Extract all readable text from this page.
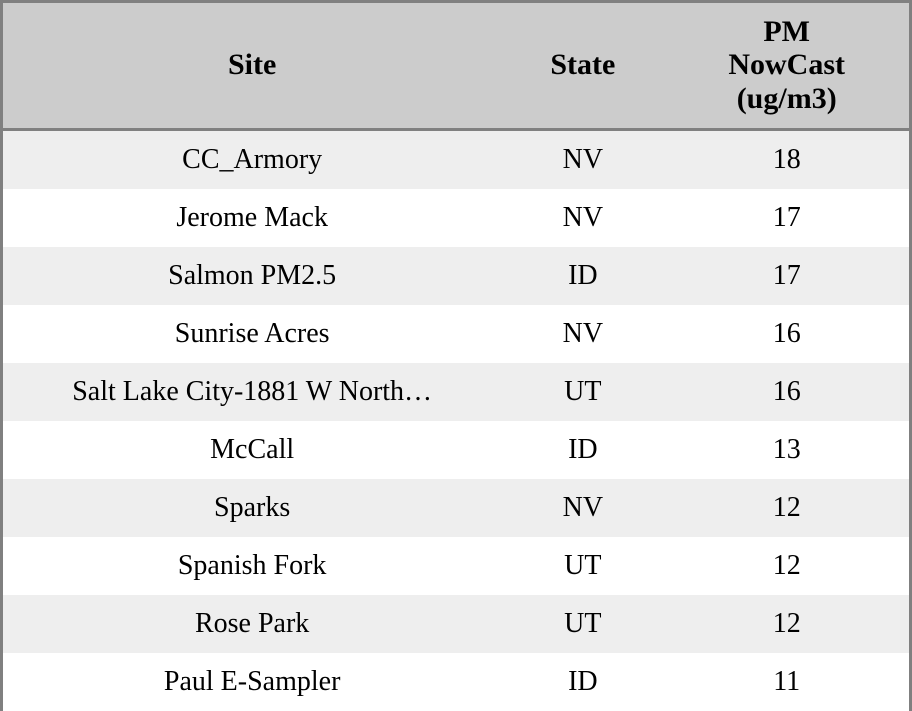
Site	State	PM
NowCast
(ug/m3)
CC_Armory	NV	18
Jerome Mack	NV	17
Salmon PM2.5	ID	17
Sunrise Acres	NV	16
Salt Lake City-1881 W North…	UT	16
McCall	ID	13
Sparks	NV	12
Spanish Fork	UT	12
Rose Park	UT	12
Paul E-Sampler	ID	11
